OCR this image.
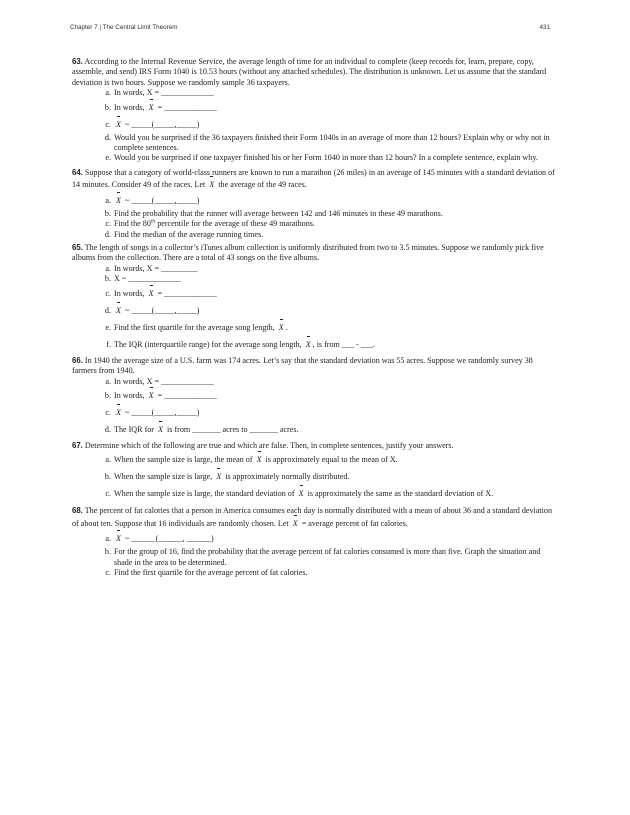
Chapter 7 | The Central Limit Theorem	431

63. According to the Internal Revenue Service, the average length of time for an individual to complete (keep records for, learn, prepare, copy, assemble, and send) IRS Form 1040 is 10.53 hours (without any attached schedules). The distribution is unknown. Let us assume that the standard deviation is two hours. Suppose we randomly sample 36 taxpayers.

a. In words, X = _____________
b. In words, X = _____________
c. X ~ _____(_____,_____)
d. Would you be surprised if the 36 taxpayers finished their Form 1040s in an average of more than 12 hours? Explain why or why not in complete sentences.
e. Would you be surprised if one taxpayer finished his or her Form 1040 in more than 12 hours? In a complete sentence, explain why.

64. Suppose that a category of world-class runners are known to run a marathon (26 miles) in an average of 145 minutes with a standard deviation of 14 minutes. Consider 49 of the races. Let X the average of the 49 races.

a. X ~ _____(_____,_____)
b. Find the probability that the runner will average between 142 and 146 minutes in these 49 marathons.
c. Find the 80th percentile for the average of these 49 marathons.
d. Find the median of the average running times.

65. The length of songs in a collector’s iTunes album collection is uniformly distributed from two to 3.5 minutes. Suppose we randomly pick five albums from the collection. There are a total of 43 songs on the five albums.

a. In words, X = _________
b. X ~ _____________
c. In words, X = _____________
d. X ~ _____(_____,_____)
e. Find the first quartile for the average song length, X .
f. The IQR (interquartile range) for the average song length, X , is from ___ - ___.

66. In 1940 the average size of a U.S. farm was 174 acres. Let’s say that the standard deviation was 55 acres. Suppose we randomly survey 38 farmers from 1940.

a. In words, X = _____________
b. In words, X = _____________
c. X ~ _____(_____,_____)
d. The IQR for X is from _______ acres to _______ acres.

67. Determine which of the following are true and which are false. Then, in complete sentences, justify your answers.

a. When the sample size is large, the mean of X is approximately equal to the mean of X.
b. When the sample size is large, X is approximately normally distributed.
c. When the sample size is large, the standard deviation of X is approximately the same as the standard deviation of X.

68. The percent of fat calories that a person in America consumes each day is normally distributed with a mean of about 36 and a standard deviation of about ten. Suppose that 16 individuals are randomly chosen. Let X = average percent of fat calories.

a. X ~ ______(______, ______)
b. For the group of 16, find the probability that the average percent of fat calories consumed is more than five. Graph the situation and shade in the area to be determined.
c. Find the first quartile for the average percent of fat calories.
